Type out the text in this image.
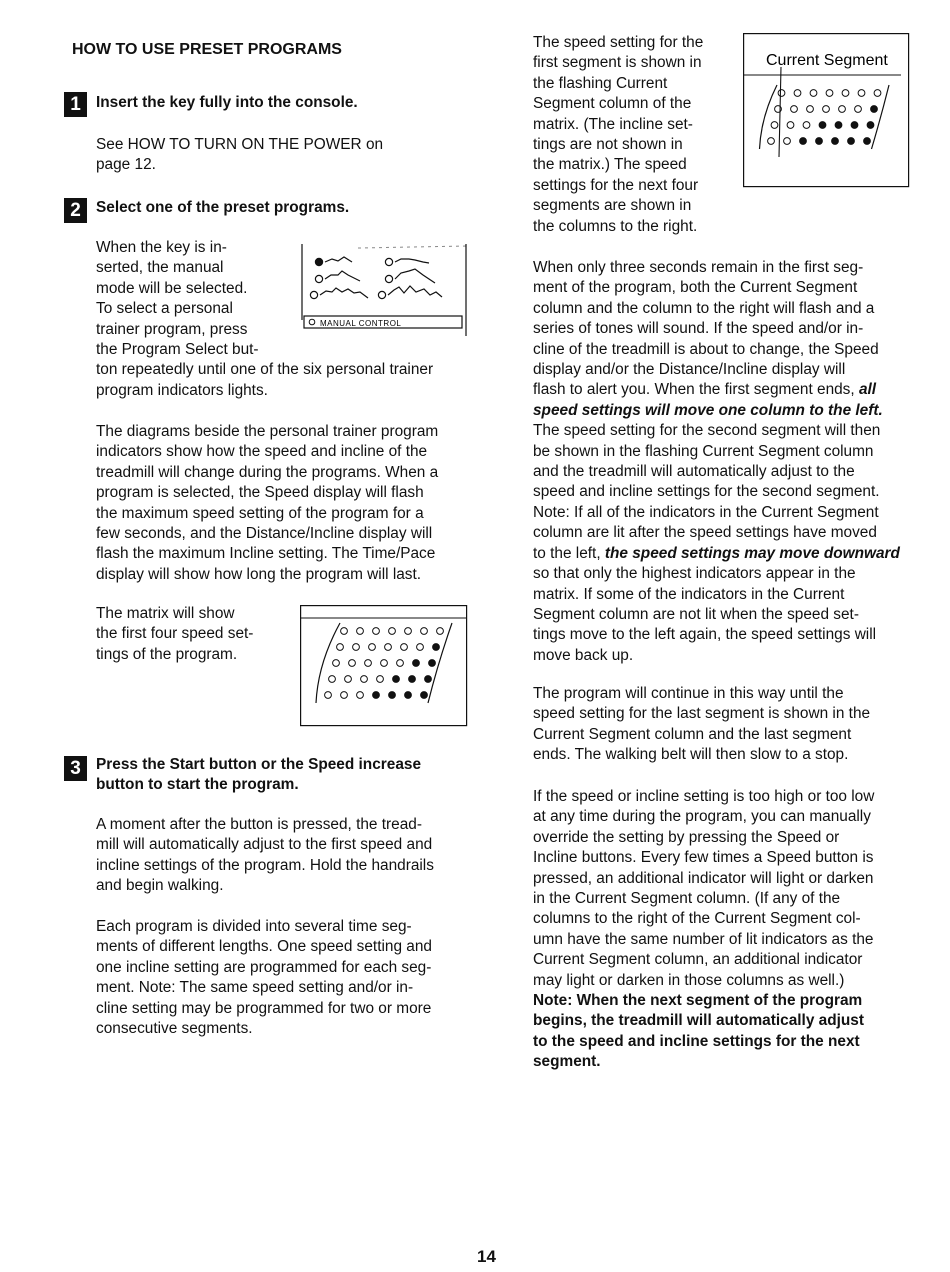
HOW TO USE PRESET PROGRAMS
1 Insert the key fully into the console.

See HOW TO TURN ON THE POWER on

page 12.

2 Select one of the preset programs.

When the key is in-

serted, the manual

mode will be selected.

To select a personal

trainer program, press

the Program Select but-

ton repeatedly until one of the six personal trainer

program indicators lights.

MANUAL CONTROL

The diagrams beside the personal trainer program

indicators show how the speed and incline of the

treadmill will change during the programs. When a

program is selected, the Speed display will flash

the maximum speed setting of the program for a

few seconds, and the Distance/Incline display will

flash the maximum Incline setting. The Time/Pace

display will show how long the program will last.

The matrix will show

the first four speed set-

tings of the program.

3 Press the Start button or the Speed increase
button to start the program.

A moment after the button is pressed, the tread-

mill will automatically adjust to the first speed and

incline settings of the program. Hold the handrails

and begin walking.

Each program is divided into several time seg-

ments of different lengths. One speed setting and

one incline setting are programmed for each seg-

ment. Note: The same speed setting and/or in-

cline setting may be programmed for two or more

consecutive segments.

The speed setting for the

first segment is shown in

the flashing Current

Segment column of the

matrix. (The incline set-

tings are not shown in

the matrix.) The speed

settings for the next four

segments are shown in

the columns to the right.

Current Segment

When only three seconds remain in the first seg-

ment of the program, both the Current Segment

column and the column to the right will flash and a

series of tones will sound. If the speed and/or in-

cline of the treadmill is about to change, the Speed

display and/or the Distance/Incline display will

flash to alert you. When the first segment ends, all

speed settings will move one column to the left.

The speed setting for the second segment will then

be shown in the flashing Current Segment column

and the treadmill will automatically adjust to the

speed and incline settings for the second segment.

Note: If all of the indicators in the Current Segment

column are lit after the speed settings have moved

to the left, the speed settings may move downward

so that only the highest indicators appear in the

matrix. If some of the indicators in the Current

Segment column are not lit when the speed set-

tings move to the left again, the speed settings will

move back up.

The program will continue in this way until the

speed setting for the last segment is shown in the

Current Segment column and the last segment

ends. The walking belt will then slow to a stop.

If the speed or incline setting is too high or too low

at any time during the program, you can manually

override the setting by pressing the Speed or

Incline buttons. Every few times a Speed button is

pressed, an additional indicator will light or darken

in the Current Segment column. (If any of the

columns to the right of the Current Segment col-

umn have the same number of lit indicators as the

Current Segment column, an additional indicator

may light or darken in those columns as well.)

Note: When the next segment of the program

begins, the treadmill will automatically adjust

to the speed and incline settings for the next

segment.

14
